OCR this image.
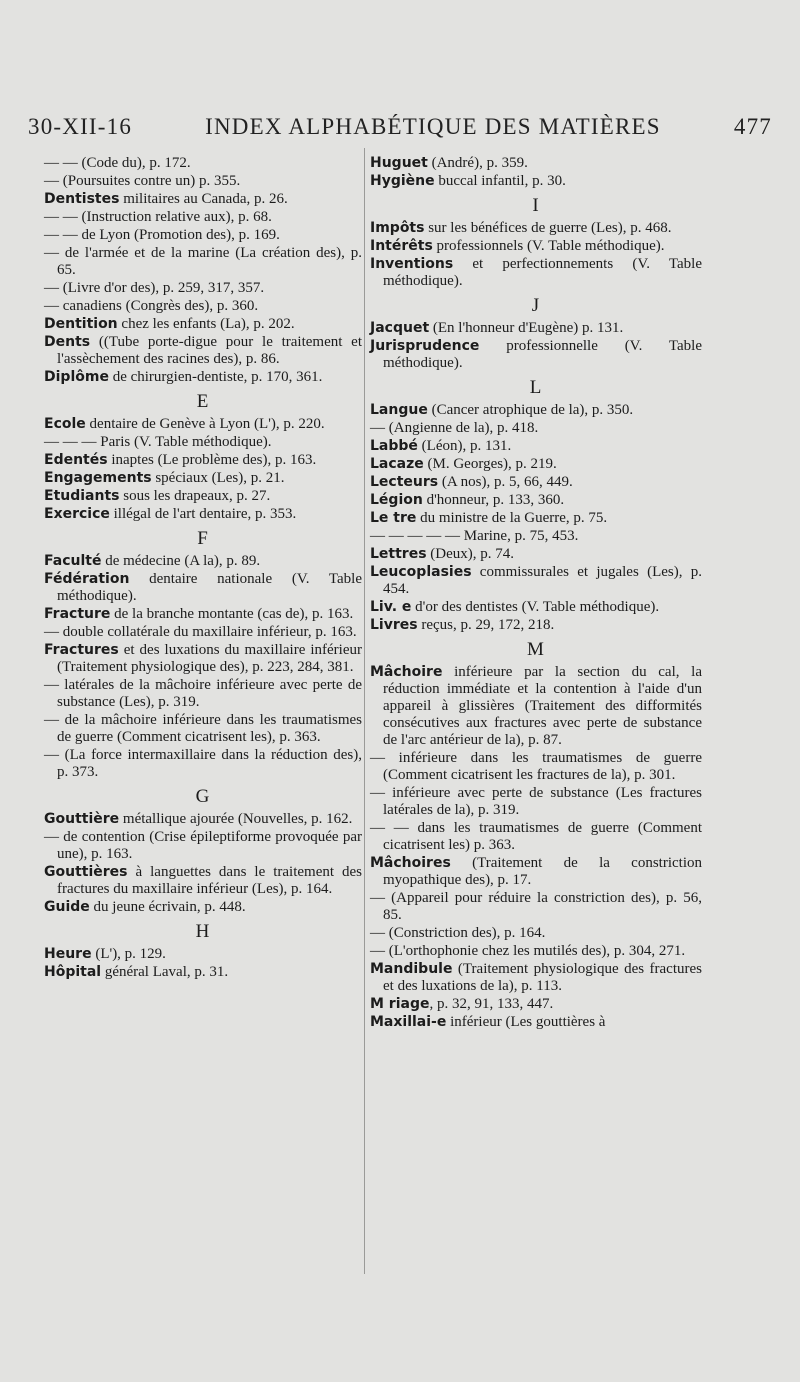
30-XII-16	INDEX ALPHABÉTIQUE DES MATIÈRES	477
— — (Code du), p. 172.
— (Poursuites contre un) p. 355.
Dentistes militaires au Canada, p. 26.
— — (Instruction relative aux), p. 68.
— — de Lyon (Promotion des), p. 169.
— de l'armée et de la marine (La création des), p. 65.
— (Livre d'or des), p. 259, 317, 357.
— canadiens (Congrès des), p. 360.
Dentition chez les enfants (La), p. 202.
Dents ((Tube porte-digue pour le traitement et l'assèchement des racines des), p. 86.
Diplôme de chirurgien-dentiste, p. 170, 361.
E
Ecole dentaire de Genève à Lyon (L'), p. 220.
— — — Paris (V. Table méthodique).
Edentés inaptes (Le problème des), p. 163.
Engagements spéciaux (Les), p. 21.
Etudiants sous les drapeaux, p. 27.
Exercice illégal de l'art dentaire, p. 353.
F
Faculté de médecine (A la), p. 89.
Fédération dentaire nationale (V. Table méthodique).
Fracture de la branche montante (cas de), p. 163.
— double collatérale du maxillaire inférieur, p. 163.
Fractures et des luxations du maxillaire inférieur (Traitement physiologique des), p. 223, 284, 381.
— latérales de la mâchoire inférieure avec perte de substance (Les), p. 319.
— de la mâchoire inférieure dans les traumatismes de guerre (Comment cicatrisent les), p. 363.
— (La force intermaxillaire dans la réduction des), p. 373.
G
Gouttière métallique ajourée (Nouvelles, p. 162.
— de contention (Crise épileptiforme provoquée par une), p. 163.
Gouttières à languettes dans le traitement des fractures du maxillaire inférieur (Les), p. 164.
Guide du jeune écrivain, p. 448.
H
Heure (L'), p. 129.
Hôpital général Laval, p. 31.
Huguet (André), p. 359.
Hygiène buccal infantil, p. 30.
I
Impôts sur les bénéfices de guerre (Les), p. 468.
Intérêts professionnels (V. Table méthodique).
Inventions et perfectionnements (V. Table méthodique).
J
Jacquet (En l'honneur d'Eugène) p. 131.
Jurisprudence professionnelle (V. Table méthodique).
L
Langue (Cancer atrophique de la), p. 350.
— (Angienne de la), p. 418.
Labbé (Léon), p. 131.
Lacaze (M. Georges), p. 219.
Lecteurs (A nos), p. 5, 66, 449.
Légion d'honneur, p. 133, 360.
Le tre du ministre de la Guerre, p. 75.
— — — — — Marine, p. 75, 453.
Lettres (Deux), p. 74.
Leucoplasies commissurales et jugales (Les), p. 454.
Liv. e d'or des dentistes (V. Table méthodique).
Livres reçus, p. 29, 172, 218.
M
Mâchoire inférieure par la section du cal, la réduction immédiate et la contention à l'aide d'un appareil à glissières (Traitement des difformités consécutives aux fractures avec perte de substance de l'arc antérieur de la), p. 87.
— inférieure dans les traumatismes de guerre (Comment cicatrisent les fractures de la), p. 301.
— inférieure avec perte de substance (Les fractures latérales de la), p. 319.
— — dans les traumatismes de guerre (Comment cicatrisent les) p. 363.
Mâchoires (Traitement de la constriction myopathique des), p. 17.
— (Appareil pour réduire la constriction des), p. 56, 85.
— (Constriction des), p. 164.
— (L'orthophonie chez les mutilés des), p. 304, 271.
Mandibule (Traitement physiologique des fractures et des luxations de la), p. 113.
M riage, p. 32, 91, 133, 447.
Maxillai-e inférieur (Les gouttières à
